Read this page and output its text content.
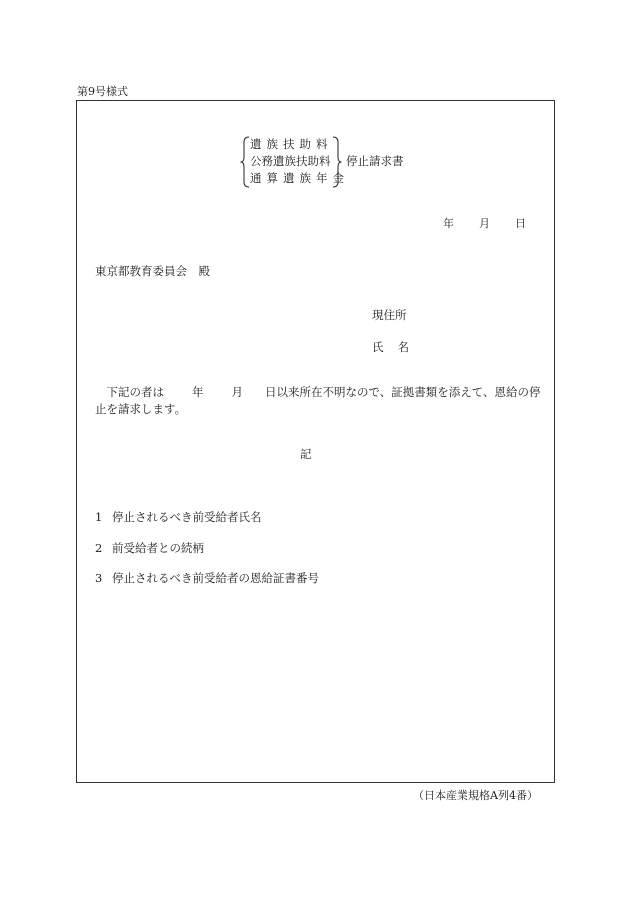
第9号様式
遺族扶助料
公務遺族扶助料
通算遺族年金
停止請求書
年 月 日
東京都教育委員会　殿
現住所
氏 名
　下記の者は 年 月 日以来所在不明なので、証拠書類を添えて、恩給の停
止を請求します。
記
1 停止されるべき前受給者氏名
2 前受給者との続柄
3 停止されるべき前受給者の恩給証書番号
（日本産業規格A列4番）
